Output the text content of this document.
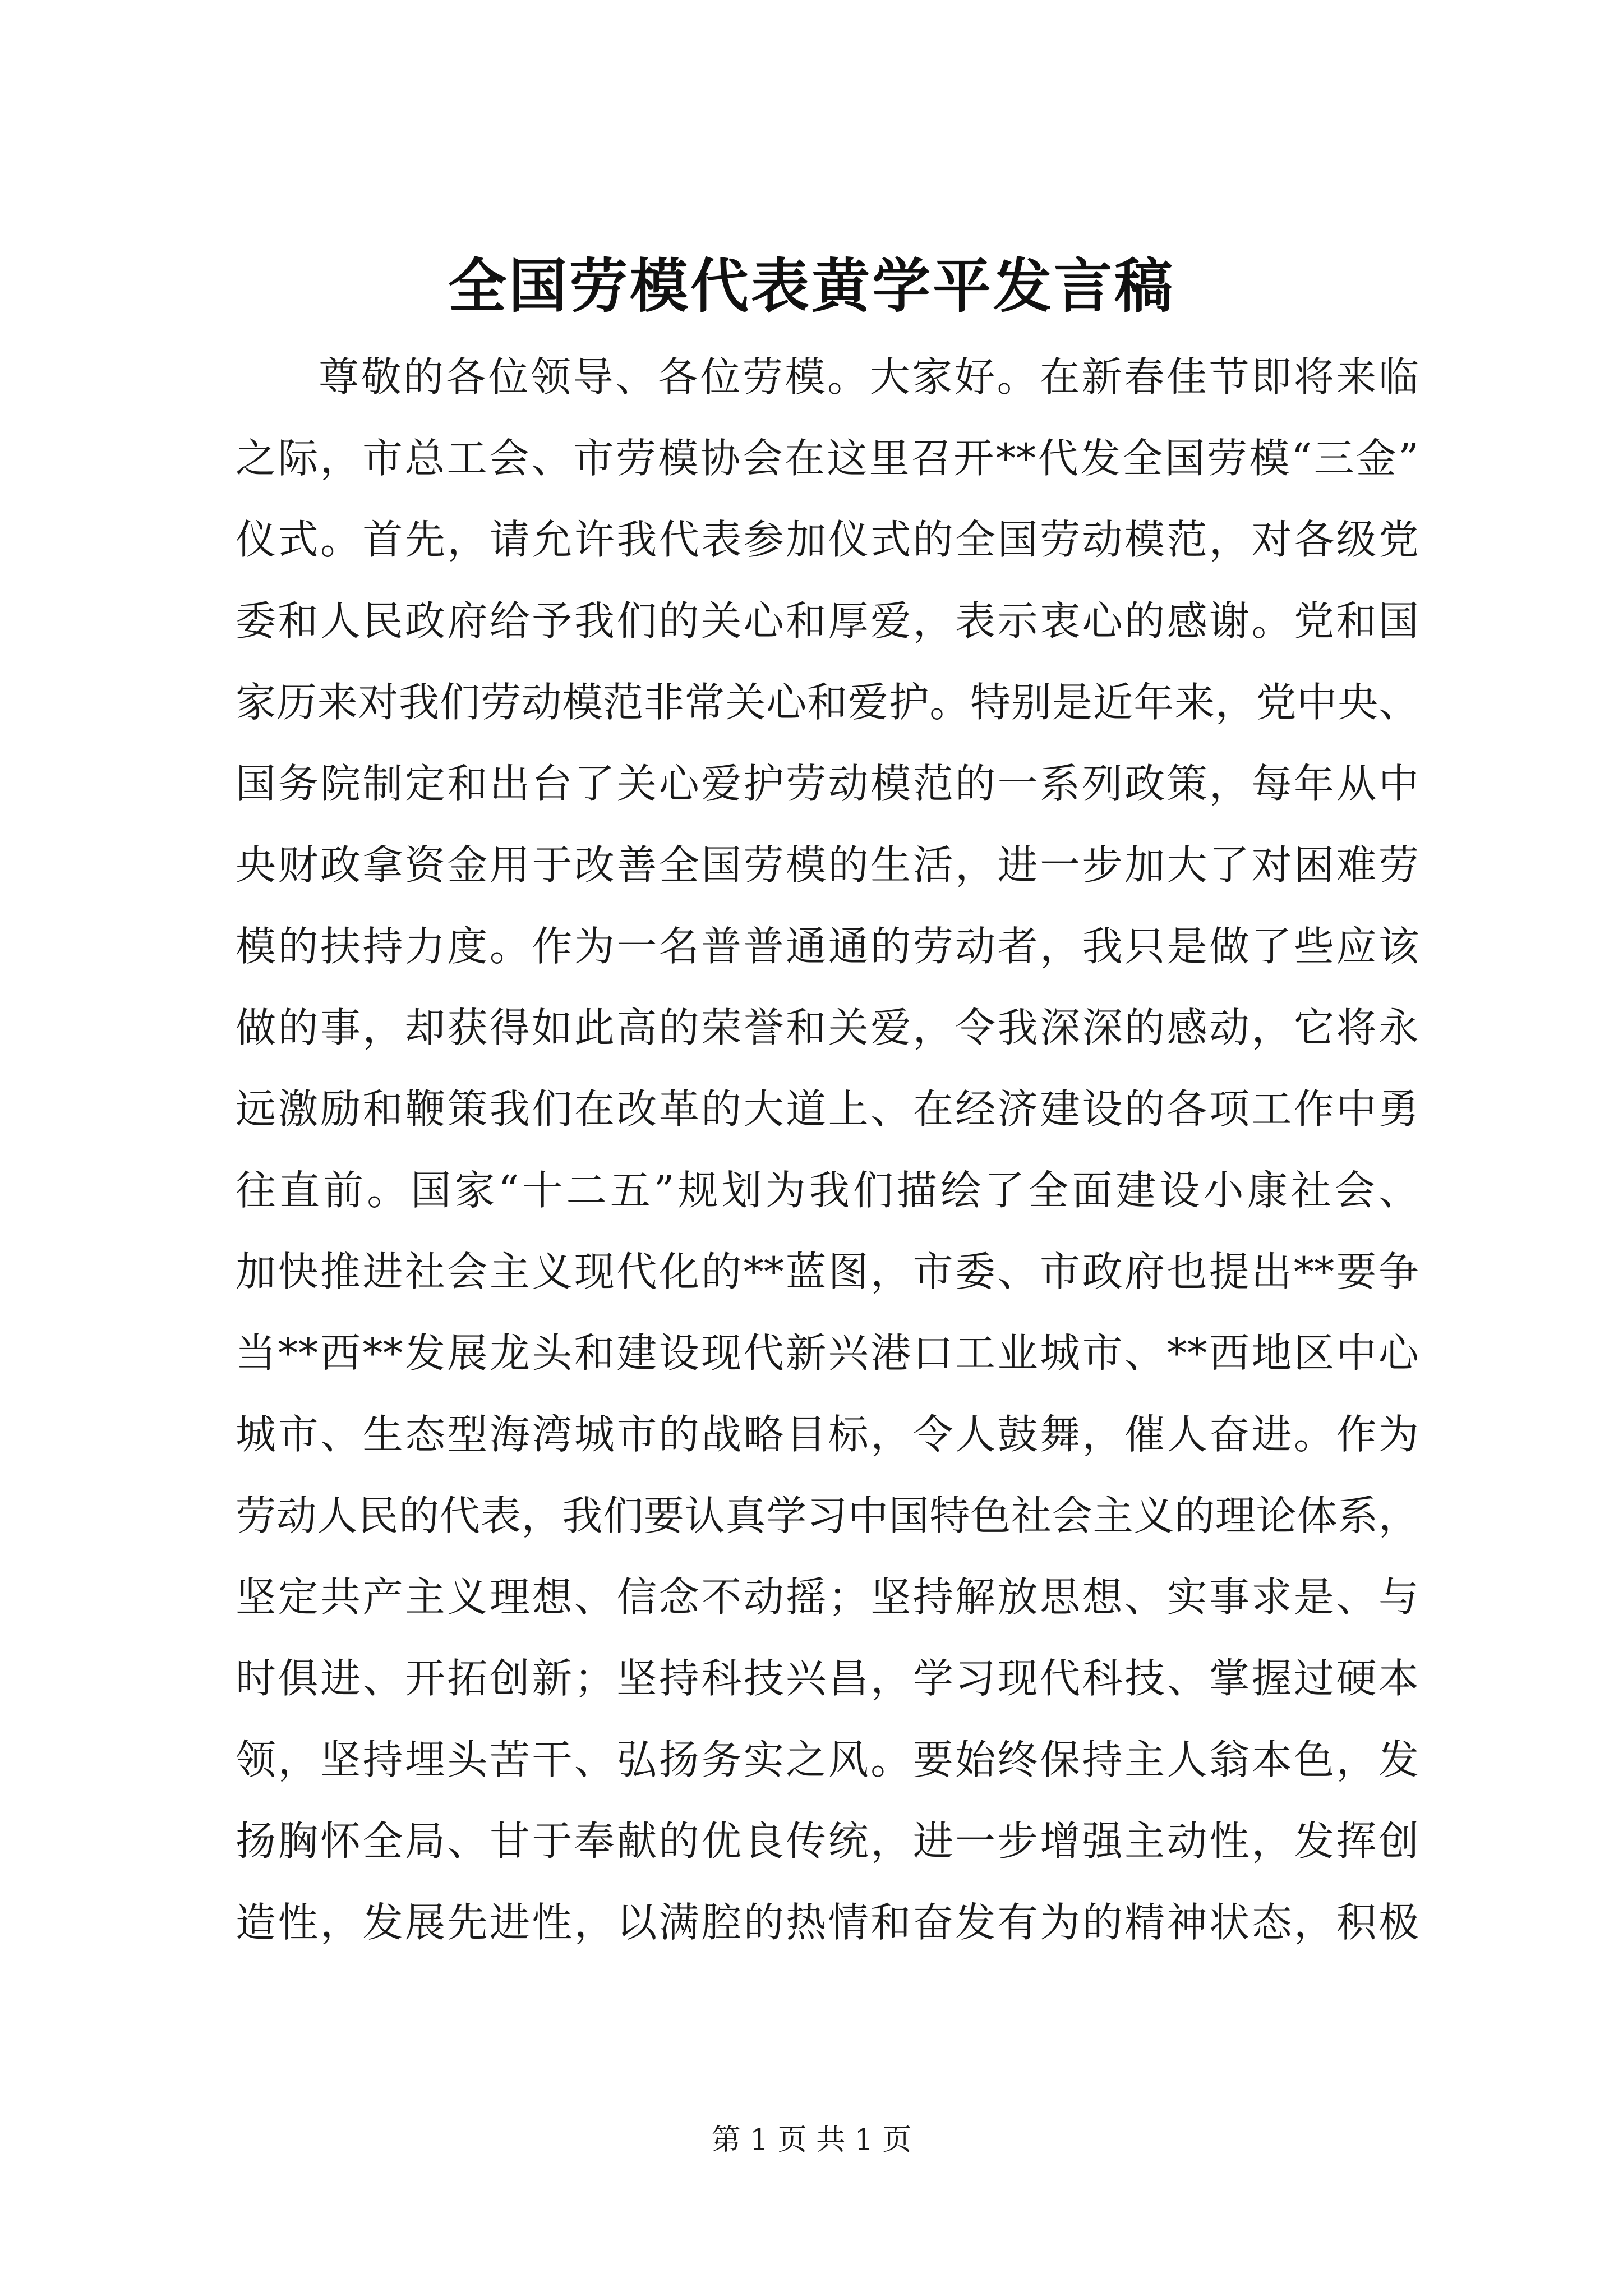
全国劳模代表黄学平发言稿
尊敬的各位领导、各位劳模。大家好。在新春佳节即将来临
之际，市总工会、市劳模协会在这里召开**代发全国劳模“三金”
仪式。首先，请允许我代表参加仪式的全国劳动模范，对各级党
委和人民政府给予我们的关心和厚爱，表示衷心的感谢。党和国
家历来对我们劳动模范非常关心和爱护。特别是近年来，党中央、
国务院制定和出台了关心爱护劳动模范的一系列政策，每年从中
央财政拿资金用于改善全国劳模的生活，进一步加大了对困难劳
模的扶持力度。作为一名普普通通的劳动者，我只是做了些应该
做的事，却获得如此高的荣誉和关爱，令我深深的感动，它将永
远激励和鞭策我们在改革的大道上、在经济建设的各项工作中勇
往直前。国家“十二五”规划为我们描绘了全面建设小康社会、
加快推进社会主义现代化的**蓝图，市委、市政府也提出**要争
当**西**发展龙头和建设现代新兴港口工业城市、**西地区中心
城市、生态型海湾城市的战略目标，令人鼓舞，催人奋进。作为
劳动人民的代表，我们要认真学习中国特色社会主义的理论体系，
坚定共产主义理想、信念不动摇；坚持解放思想、实事求是、与
时俱进、开拓创新；坚持科技兴昌，学习现代科技、掌握过硬本
领，坚持埋头苦干、弘扬务实之风。要始终保持主人翁本色，发
扬胸怀全局、甘于奉献的优良传统，进一步增强主动性，发挥创
造性，发展先进性，以满腔的热情和奋发有为的精神状态，积极
第 1 页 共 1 页
